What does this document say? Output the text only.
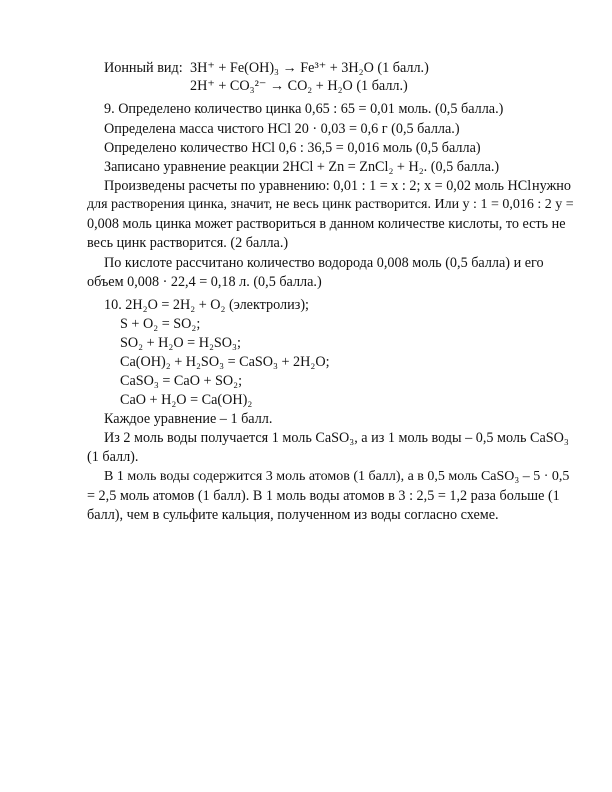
Ионный вид: 3H⁺ + Fe(OH)₃ → Fe³⁺ + 3H₂O (1 балл.)
2H⁺ + CO₃²⁻ → CO₂ + H₂O (1 балл.)
9. Определено количество цинка 0,65 : 65 = 0,01 моль. (0,5 балла.)
Определена масса чистого HCl 20 · 0,03 = 0,6 г (0,5 балла.)
Определено количество HCl 0,6 : 36,5 = 0,016 моль (0,5 балла)
Записано уравнение реакции 2HCl + Zn = ZnCl₂ + H₂. (0,5 балла.)
Произведены расчеты по уравнению: 0,01 : 1 = x : 2; x = 0,02 моль HCl нужно
для растворения цинка, значит, не весь цинк растворится. Или y : 1 = 0,016 : 2 y =
0,008 моль цинка может раствориться в данном количестве кислоты, то есть не
весь цинк растворится. (2 балла.)
По кислоте рассчитано количество водорода 0,008 моль (0,5 балла) и его
объем 0,008 · 22,4 = 0,18 л. (0,5 балла.)
10. 2H₂O = 2H₂ + O₂ (электролиз);
S + O₂ = SO₂;
SO₂ + H₂O = H₂SO₃;
Ca(OH)₂ + H₂SO₃ = CaSO₃ + 2H₂O;
CaSO₃ = CaO + SO₂;
CaO + H₂O = Ca(OH)₂
Каждое уравнение – 1 балл.
Из 2 моль воды получается 1 моль CaSO₃, а из 1 моль воды – 0,5 моль CaSO₃
(1 балл).
В 1 моль воды содержится 3 моль атомов (1 балл), а в 0,5 моль CaSO₃ – 5 · 0,5
= 2,5 моль атомов (1 балл). В 1 моль воды атомов в 3 : 2,5 = 1,2 раза больше (1
балл), чем в сульфите кальция, полученном из воды согласно схеме.
